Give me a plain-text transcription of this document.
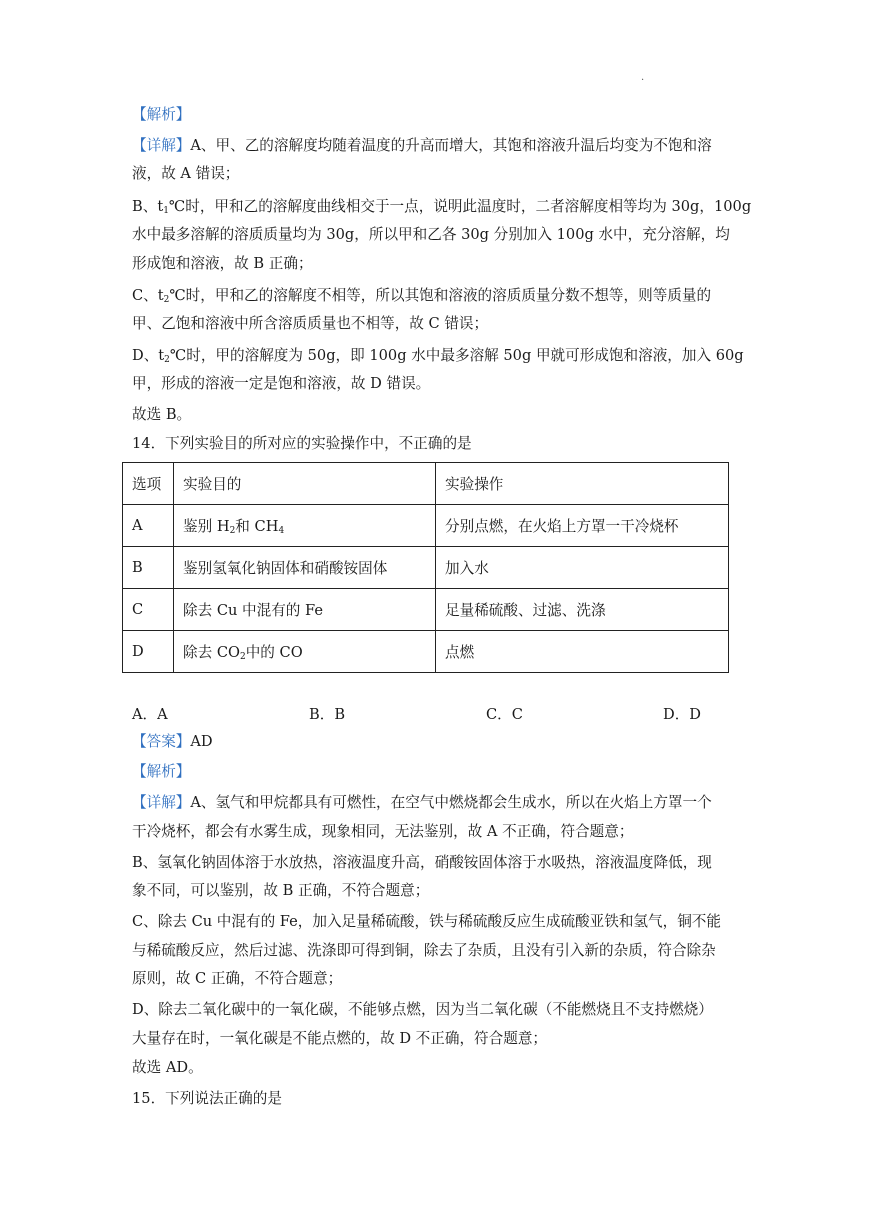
.
【解析】
【详解】A、甲、乙的溶解度均随着温度的升高而增大，其饱和溶液升温后均变为不饱和溶
液，故 A 错误；
B、$t_1℃$时，甲和乙的溶解度曲线相交于一点，说明此温度时，二者溶解度相等均为 30g，100g
水中最多溶解的溶质质量均为 30g，所以甲和乙各 30g 分别加入 100g 水中，充分溶解，均
形成饱和溶液，故 B 正确；
C、$t_2℃$时，甲和乙的溶解度不相等，所以其饱和溶液的溶质质量分数不想等，则等质量的
甲、乙饱和溶液中所含溶质质量也不相等，故 C 错误；
D、$t_2℃$时，甲的溶解度为 50g，即 100g 水中最多溶解 50g 甲就可形成饱和溶液，加入 60g
甲，形成的溶液一定是饱和溶液，故 D 错误。
故选 B。
14．下列实验目的所对应的实验操作中，不正确的是
选项	实验目的	实验操作
A	鉴别 $H_2$和 $CH_4$	分别点燃，在火焰上方罩一干冷烧杯
B	鉴别氢氧化钠固体和硝酸铵固体	加入水
C	除去 Cu 中混有的 Fe	足量稀硫酸、过滤、洗涤
D	除去 $CO_2$中的 CO	点燃
A．A	B．B	C．C	D．D
【答案】AD
【解析】
【详解】A、氢气和甲烷都具有可燃性，在空气中燃烧都会生成水，所以在火焰上方罩一个
干冷烧杯，都会有水雾生成，现象相同，无法鉴别，故 A 不正确，符合题意；
B、氢氧化钠固体溶于水放热，溶液温度升高，硝酸铵固体溶于水吸热，溶液温度降低，现
象不同，可以鉴别，故 B 正确，不符合题意；
C、除去 Cu 中混有的 Fe，加入足量稀硫酸，铁与稀硫酸反应生成硫酸亚铁和氢气，铜不能
与稀硫酸反应，然后过滤、洗涤即可得到铜，除去了杂质，且没有引入新的杂质，符合除杂
原则，故 C 正确，不符合题意；
D、除去二氧化碳中的一氧化碳，不能够点燃，因为当二氧化碳（不能燃烧且不支持燃烧）
大量存在时，一氧化碳是不能点燃的，故 D 不正确，符合题意；
故选 AD。
15．下列说法正确的是
